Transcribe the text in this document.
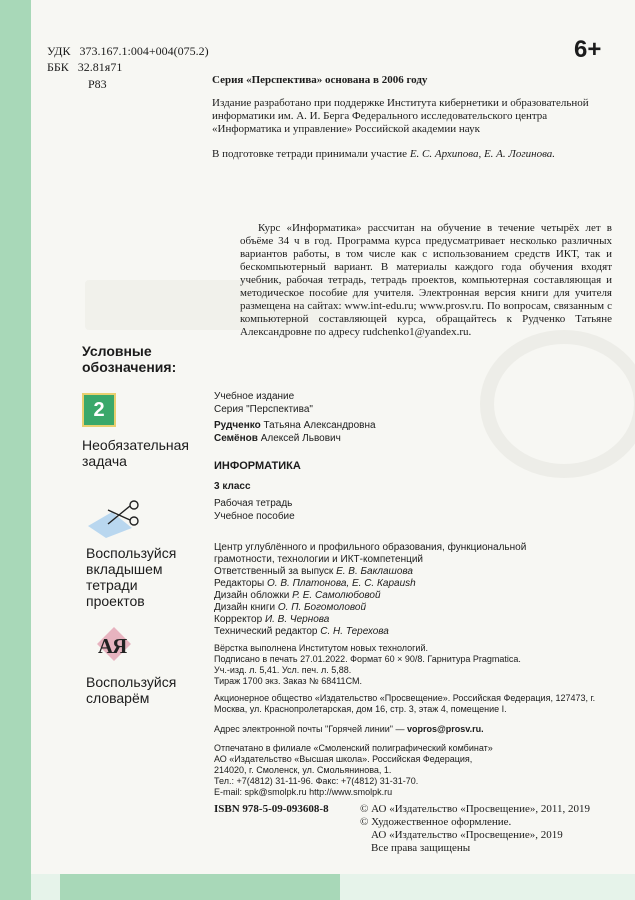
УДК 373.167.1:004+004(075.2)
ББК 32.81я71
Р83
6+
Серия «Перспектива» основана в 2006 году
Издание разработано при поддержке Института кибернетики и образовательной информатики им. А. И. Берга Федерального исследовательского центра «Информатика и управление» Российской академии наук
В подготовке тетради принимали участие Е. С. Архипова, Е. А. Логинова.
Курс «Информатика» рассчитан на обучение в течение четырёх лет в объёме 34 ч в год. Программа курса предусматривает несколько различных вариантов работы, в том числе как с использованием средств ИКТ, так и бескомпьютерный вариант. В материалы каждого года обучения входят учебник, рабочая тетрадь, тетрадь проектов, компьютерная составляющая и методическое пособие для учителя. Электронная версия книги для учителя размещена на сайтах: www.int-edu.ru; www.prosv.ru. По вопросам, связанным с компьютерной составляющей курса, обращайтесь к Рудченко Татьяне Александровне по адресу rudchenko1@yandex.ru.
Условные обозначения:
2
Необязательная задача
Воспользуйся вкладышем тетради проектов
АЯ
Воспользуйся словарём
Учебное издание
Серия "Перспектива"
Рудченко Татьяна Александровна
Семёнов Алексей Львович
ИНФОРМАТИКА
3 класс
Рабочая тетрадь
Учебное пособие
Центр углублённого и профильного образования, функциональной грамотности, технологии и ИКТ-компетенций
Ответственный за выпуск Е. В. Баклашова
Редакторы О. В. Платонова, Е. С. Караush
Дизайн обложки Р. Е. Самолюбовой
Дизайн книги О. П. Богомоловой
Корректор И. В. Чернова
Технический редактор С. Н. Терехова
Вёрстка выполнена Институтом новых технологий.
Подписано в печать 27.01.2022. Формат 60 × 90/8. Гарнитура Pragmatica.
Уч.-изд. л. 5,41. Усл. печ. л. 5,88.
Тираж 1700 экз. Заказ № 68411СМ.
Акционерное общество «Издательство «Просвещение». Российская Федерация, 127473, г. Москва, ул. Краснопролетарская, дом 16, стр. 3, этаж 4, помещение I.
Адрес электронной почты "Горячей линии" — vopros@prosv.ru.
Отпечатано в филиале «Смоленский полиграфический комбинат»
АО «Издательство «Высшая школа». Российская Федерация,
214020, г. Смоленск, ул. Смольянинова, 1.
Тел.: +7(4812) 31-11-96. Факс: +7(4812) 31-31-70.
E-mail: spk@smolpk.ru http://www.smolpk.ru
ISBN 978-5-09-093608-8	© АО «Издательство «Просвещение», 2011, 2019
© Художественное оформление.
АО «Издательство «Просвещение», 2019
Все права защищены
